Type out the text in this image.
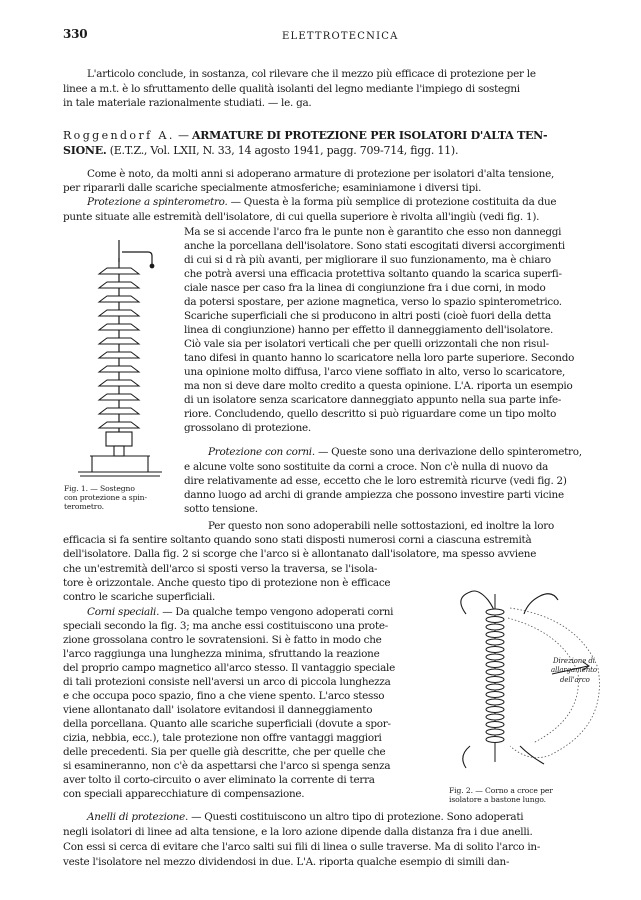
330	ELETTROTECNICA
L'articolo conclude, in sostanza, col rilevare che il mezzo più efficace di protezione per le
linee a m.t. è lo sfruttamento delle qualità isolanti del legno mediante l'impiego di sostegni
in tale materiale razionalmente studiati. — le. ga.
Roggendorf A. — ARMATURE DI PROTEZIONE PER ISOLATORI D'ALTA TEN-
SIONE. (E.T.Z., Vol. LXII, N. 33, 14 agosto 1941, pagg. 709-714, figg. 11).
Come è noto, da molti anni si adoperano armature di protezione per isolatori d'alta tensione,
per ripararli dalle scariche specialmente atmosferiche; esaminiamone i diversi tipi.
Protezione a spinterometro. — Questa è la forma più semplice di protezione costituita da due
punte situate alle estremità dell'isolatore, di cui quella superiore è rivolta all'ingiù (vedi fig. 1).
Ma se si accende l'arco fra le punte non è garantito che esso non danneggi
anche la porcellana dell'isolatore. Sono stati escogitati diversi accorgimenti
di cui si d rà più avanti, per migliorare il suo funzionamento, ma è chiaro
che potrà aversi una efficacia protettiva soltanto quando la scarica superfi-
ciale nasce per caso fra la linea di congiunzione fra i due corni, in modo
da potersi spostare, per azione magnetica, verso lo spazio spinterometrico.
Scariche superficiali che si producono in altri posti (cioè fuori della detta
linea di congiunzione) hanno per effetto il danneggiamento dell'isolatore.
Ciò vale sia per isolatori verticali che per quelli orizzontali che non risul-
tano difesi in quanto hanno lo scaricatore nella loro parte superiore. Secondo
una opinione molto diffusa, l'arco viene soffiato in alto, verso lo scaricatore,
ma non si deve dare molto credito a questa opinione. L'A. riporta un esempio
di un isolatore senza scaricatore danneggiato appunto nella sua parte infe-
riore. Concludendo, quello descritto si può riguardare come un tipo molto
grossolano di protezione.
Protezione con corni. — Queste sono una derivazione dello spinterometro,
e alcune volte sono sostituite da corni a croce. Non c'è nulla di nuovo da
dire relativamente ad esse, eccetto che le loro estremità ricurve (vedi fig. 2)
danno luogo ad archi di grande ampiezza che possono investire parti vicine
sotto tensione.
Per questo non sono adoperabili nelle sottostazioni, ed inoltre la loro
efficacia si fa sentire soltanto quando sono stati disposti numerosi corni a ciascuna estremità
dell'isolatore. Dalla fig. 2 si scorge che l'arco si è allontanato dall'isolatore, ma spesso avviene
che un'estremità dell'arco si sposti verso la traversa, se l'isola-
tore è orizzontale. Anche questo tipo di protezione non è efficace
contro le scariche superficiali.
Corni speciali. — Da qualche tempo vengono adoperati corni
speciali secondo la fig. 3; ma anche essi costituiscono una prote-
zione grossolana contro le sovratensioni. Si è fatto in modo che
l'arco raggiunga una lunghezza minima, sfruttando la reazione
del proprio campo magnetico all'arco stesso. Il vantaggio speciale
di tali protezioni consiste nell'aversi un arco di piccola lunghezza
e che occupa poco spazio, fino a che viene spento. L'arco stesso
viene allontanato dall' isolatore evitandosi il danneggiamento
della porcellana. Quanto alle scariche superficiali (dovute a spor-
cizia, nebbia, ecc.), tale protezione non offre vantaggi maggiori
delle precedenti. Sia per quelle già descritte, che per quelle che
si esamineranno, non c'è da aspettarsi che l'arco si spenga senza
aver tolto il corto-circuito o aver eliminato la corrente di terra
con speciali apparecchiature di compensazione.
Anelli di protezione. — Questi costituiscono un altro tipo di protezione. Sono adoperati
negli isolatori di linee ad alta tensione, e la loro azione dipende dalla distanza fra i due anelli.
Con essi si cerca di evitare che l'arco salti sui fili di linea o sulle traverse. Ma di solito l'arco in-
veste l'isolatore nel mezzo dividendosi in due. L'A. riporta qualche esempio di simili dan-
Fig. 1. — Sostegno
con protezione a spin-
terometro.
Direzione di
allargamento
dell'arco
Fig. 2. — Corno a croce per
isolatore a bastone lungo.
